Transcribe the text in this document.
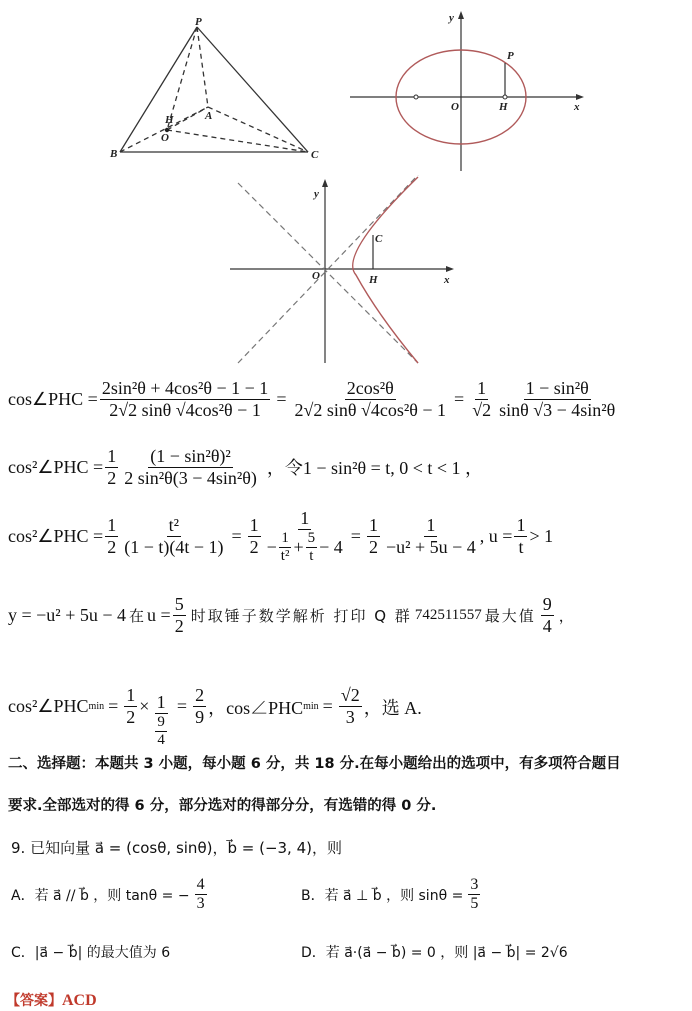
P
A
H
O
B	C
y
P
O	H	x
y
C
O	H	x
cos∠PHC = $\frac{\text{2sin²θ + 4cos²θ − 1 − 1}}{\text{2√2 sinθ √4cos²θ − 1}} = \frac{\text{2cos²θ}}{\text{2√2 sinθ √4cos²θ − 1}} = \frac{1}{√2} \frac{\text{1 − sin²θ}}{\text{sinθ √3 − 4sin²θ}}$
cos²∠PHC = $\frac{1}{2} \frac{\text{(1 − sin²θ)²}}{\text{2 sin²θ(3 − 4sin²θ)}}$ ，令1 − sin²θ = t, 0 < t < 1 ，
cos²∠PHC = $\frac{1}{2} \frac{\text{t²}}{(1 - t)(4t - 1)} = \frac{1}{2} \frac{1}{- \frac{1}{\text{t²}} + \frac{5}{t} - 4} = \frac{1}{2} \frac{1}{\text{−u² + 5u − 4}}$ , $u = \frac{1}{t} > 1$
y = −u² + 5u − 4 在 $u = \frac{5}{2}$ 时取锤子数学解析 打印 Q 群 742511557 最大值 $\frac{9}{4}$ ，
cos²∠PHC $\min = \frac{1}{2} \times \frac{1}{\frac{9}{4}} = \frac{2}{9}$ ，cos∠PHC $\min = \frac{√2}{3}$ ，选 A.
二、选择题：本题共 3 小题，每小题 6 分，共 18 分.在每小题给出的选项中，有多项符合题目
要求.全部选对的得 6 分，部分选对的得部分分，有选错的得 0 分.
9. 已知向量 a⃗ = (cosθ, sinθ)，b⃗ = (−3, 4)，则
A．若 a⃗ // b⃗ ，则 tanθ = − $\frac{4}{3}$	B．若 a⃗ ⊥ b⃗ ，则 $\sin\theta = \frac{3}{5}$
C．|a⃗ − b⃗| 的最大值为 6	D．若 a⃗·(a⃗ − b⃗) = 0 ，则 |a⃗ − b⃗| = 2√6
【答案】ACD
